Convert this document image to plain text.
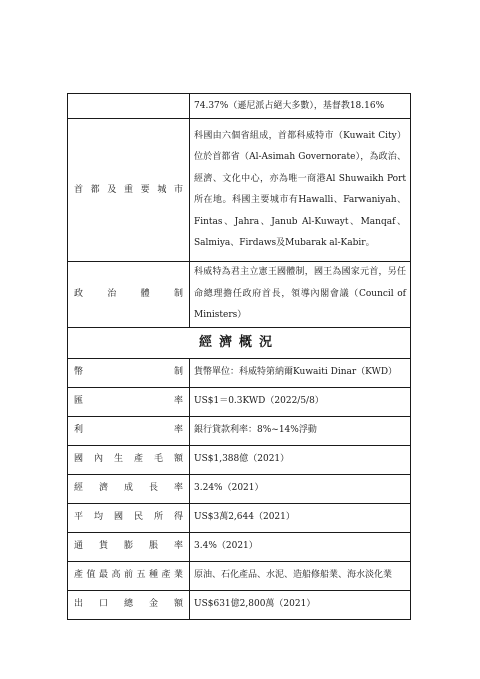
	74.37%（遜尼派占絕大多數），基督教18.16%

首都及重要城市	科國由六個省組成，首都科威特市（Kuwait City）位於首都省（Al-Asimah Governorate），為政治、經濟、文化中心，亦為唯一商港Al Shuwaikh Port所在地。科國主要城市有Hawalli、Farwaniyah、Fintas、Jahra、Janub Al-Kuwayt、Manqaf、Salmiya、Firdaws及Mubarak al-Kabir。

政治體制	科威特為君主立憲王國體制，國王為國家元首，另任命總理擔任政府首長，領導內閣會議（Council of Ministers）
經濟概況	

幣制	貨幣單位：科威特第納爾Kuwaiti Dinar（KWD）

匯率	US$1＝0.3KWD（2022/5/8）

利率	銀行貸款利率：8%~14%浮動

國內生產毛額	US$1,388億（2021）

經濟成長率	3.24%（2021）

平均國民所得	US$3萬2,644（2021）

通貨膨脹率	3.4%（2021）

產值最高前五種產業	原油、石化產品、水泥、造船修船業、海水淡化業

出口總金額	US$631億2,800萬（2021）
